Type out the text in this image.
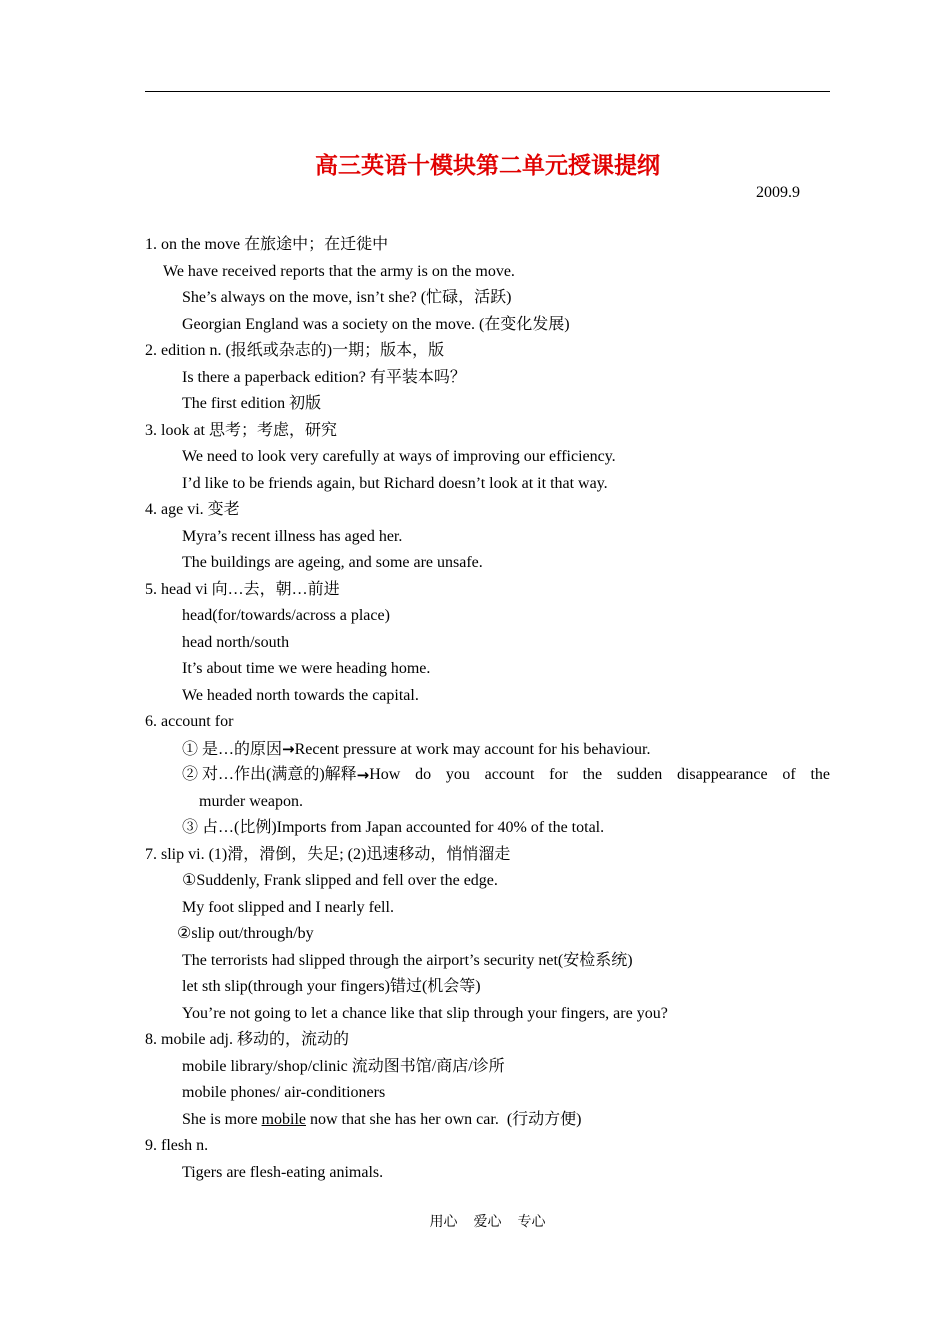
高三英语十模块第二单元授课提纲
2009.9
1. on the move 在旅途中；在迁徙中
We have received reports that the army is on the move.
She’s always on the move, isn’t she? (忙碌，活跃)
Georgian England was a society on the move. (在变化发展)
2. edition n. (报纸或杂志的)一期；版本，版
Is there a paperback edition? 有平装本吗？
The first edition 初版
3. look at 思考；考虑，研究
We need to look very carefully at ways of improving our efficiency.
I’d like to be friends again, but Richard doesn’t look at it that way.
4. age vi. 变老
Myra’s recent illness has aged her.
The buildings are ageing, and some are unsafe.
5. head vi 向…去，朝…前进
head(for/towards/across a place)
head north/south
It’s about time we were heading home.
We headed north towards the capital.
6. account for
① 是…的原因→Recent pressure at work may account for his behaviour.
② 对…作出(满意的)解释 → How do you account for the sudden disappearance of the
murder weapon.
③ 占…(比例)Imports from Japan accounted for 40% of the total.
7. slip vi. (1)滑，滑倒，失足; (2)迅速移动，悄悄溜走
①Suddenly, Frank slipped and fell over the edge.
My foot slipped and I nearly fell.
②slip out/through/by
The terrorists had slipped through the airport’s security net(安检系统)
let sth slip(through your fingers)错过(机会等)
You’re not going to let a chance like that slip through your fingers, are you?
8. mobile adj. 移动的，流动的
mobile library/shop/clinic 流动图书馆/商店/诊所
mobile phones/ air-conditioners
She is more mobile now that she has her own car.  (行动方便)
9. flesh n.
Tigers are flesh-eating animals.
用心 爱心 专心
